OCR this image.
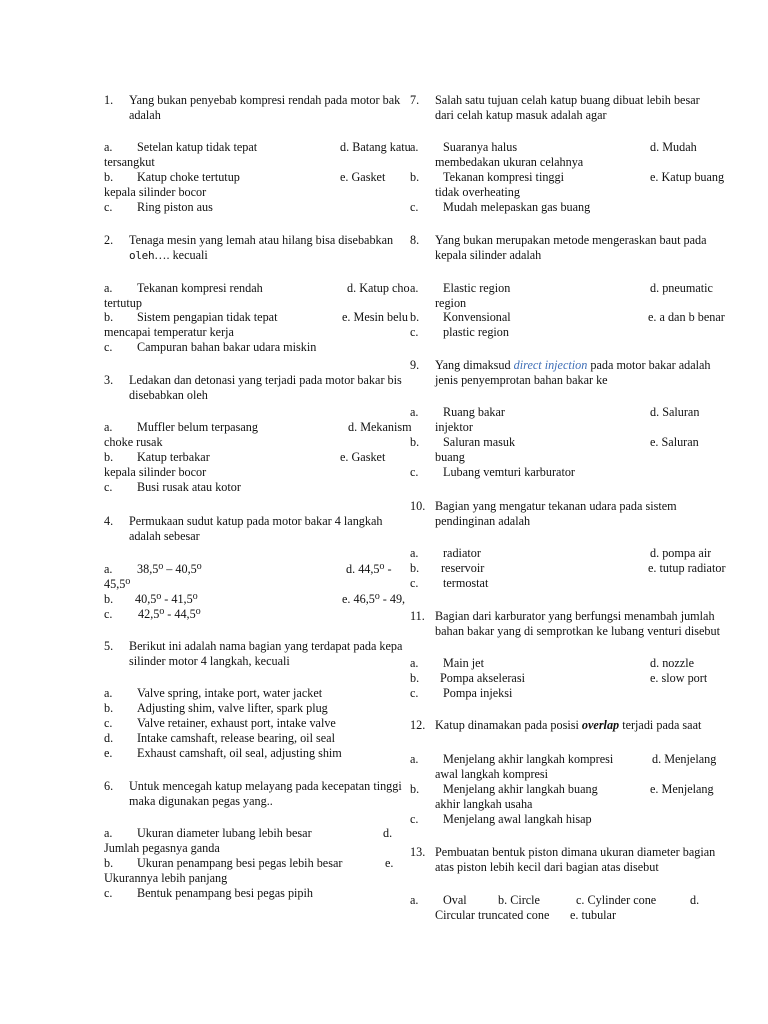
1. Yang bukan penyebab kompresi rendah pada motor bak
adalah
a. Setelan katup tidak tepat	d. Batang katu
tersangkut
b. Katup choke tertutup	e. Gasket
kepala silinder bocor
c. Ring piston aus
2. Tenaga mesin yang lemah atau hilang bisa disebabkan
oleh…. kecuali
a. Tekanan kompresi rendah	d. Katup cho
tertutup
b. Sistem pengapian tidak tepat	e. Mesin belu
mencapai temperatur kerja
c. Campuran bahan bakar udara miskin
3. Ledakan dan detonasi yang terjadi pada motor bakar bis
disebabkan oleh
a. Muffler belum terpasang	d. Mekanism
choke rusak
b. Katup terbakar	e. Gasket
kepala silinder bocor
c. Busi rusak atau kotor
4. Permukaan sudut katup pada motor bakar 4 langkah
adalah sebesar
a. 38,5⁰ – 40,5⁰	d. 44,5⁰ -
45,5⁰
b. 40,5⁰ - 41,5⁰	e. 46,5⁰ - 49,
c. 42,5⁰ - 44,5⁰
5. Berikut ini adalah nama bagian yang terdapat pada kepa
silinder motor 4 langkah, kecuali
a. Valve spring, intake port, water jacket
b. Adjusting shim, valve lifter, spark plug
c. Valve retainer, exhaust port, intake valve
d. Intake camshaft, release bearing, oil seal
e. Exhaust camshaft, oil seal, adjusting shim
6. Untuk mencegah katup melayang pada kecepatan tinggi
maka digunakan pegas yang..
a. Ukuran diameter lubang lebih besar	d.
Jumlah pegasnya ganda
b. Ukuran penampang besi pegas lebih besar	e.
Ukurannya lebih panjang
c. Bentuk penampang besi pegas pipih
7. Salah satu tujuan celah katup buang dibuat lebih besar
dari celah katup masuk adalah agar
a. Suaranya halus	d. Mudah
membedakan ukuran celahnya
b. Tekanan kompresi tinggi	e. Katup buang
tidak overheating
c. Mudah melepaskan gas buang
8. Yang bukan merupakan metode mengeraskan baut pada
kepala silinder adalah
a. Elastic region	d. pneumatic
region
b. Konvensional	e. a dan b benar
c. plastic region
9. Yang dimaksud direct injection pada motor bakar adalah
jenis penyemprotan bahan bakar ke
a. Ruang bakar	d. Saluran
injektor
b. Saluran masuk	e. Saluran
buang
c. Lubang vemturi karburator
10. Bagian yang mengatur tekanan udara pada sistem
pendinginan adalah
a. radiator	d. pompa air
b. reservoir	e. tutup radiator
c. termostat
11. Bagian dari karburator yang berfungsi menambah jumlah
bahan bakar yang di semprotkan ke lubang venturi disebut
a. Main jet	d. nozzle
b. Pompa akselerasi	e. slow port
c. Pompa injeksi
12. Katup dinamakan pada posisi overlap terjadi pada saat
a. Menjelang akhir langkah kompresi	d. Menjelang
awal langkah kompresi
b. Menjelang akhir langkah buang	e. Menjelang
akhir langkah usaha
c. Menjelang awal langkah hisap
13. Pembuatan bentuk piston dimana ukuran diameter bagian
atas piston lebih kecil dari bagian atas disebut
a. Oval	b. Circle	c. Cylinder cone	d.
Circular truncated cone e. tubular
